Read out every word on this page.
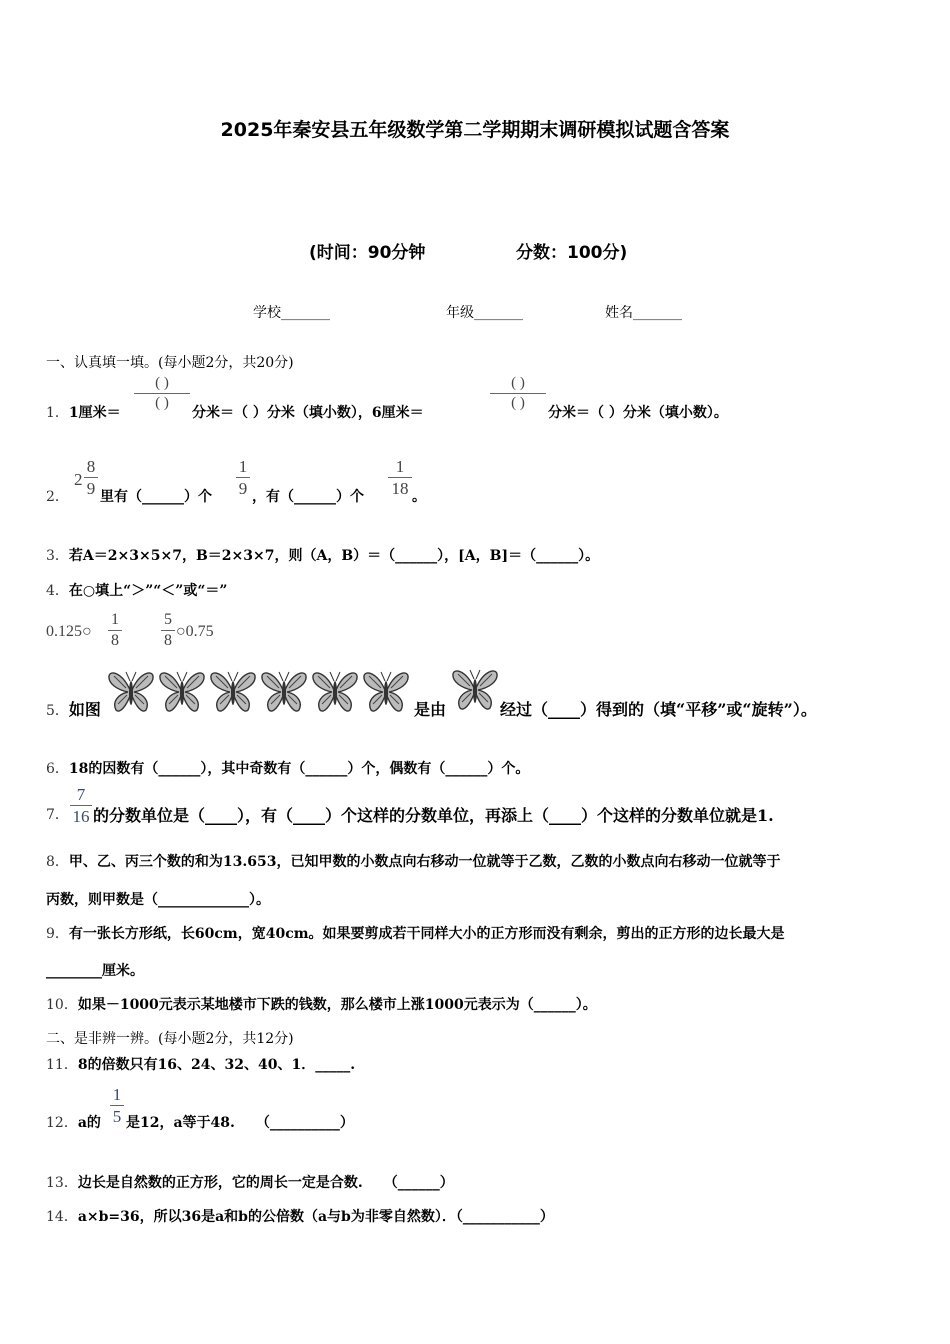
2025年秦安县五年级数学第二学期期末调研模拟试题含答案
(时间：90分钟	分数：100分)
学校_______	年级_______	姓名_______
一、认真填一填。(每小题2分，共20分)
1．1厘米＝
( )
( )
分米＝（ ）分米（填小数），6厘米＝
( )
( )
分米＝（ ）分米（填小数）。
2．
2
8
9 里有（______）个
1
9 ，有（______）个
1
18 。
3．若A＝2×3×5×7，B＝2×3×7，则（A，B）＝（______），[A，B]＝（______）。
4．在○填上“＞”“＜”或“＝”
0.125○
1
8
5
8
○0.75
5．如图	是由	经过（____）得到的（填“平移”或“旋转”）。
6．18的因数有（______），其中奇数有（______）个，偶数有（______）个。
7．
7
16 的分数单位是（____），有（____）个这样的分数单位，再添上（____）个这样的分数单位就是1.
8．甲、乙、丙三个数的和为13.653，已知甲数的小数点向右移动一位就等于乙数，乙数的小数点向右移动一位就等于
丙数，则甲数是（_____________）。
9．有一张长方形纸，长60cm，宽40cm。如果要剪成若干同样大小的正方形而没有剩余，剪出的正方形的边长最大是
________厘米。
10．如果－1000元表示某地楼市下跌的钱数，那么楼市上涨1000元表示为（______）。
二、是非辨一辨。(每小题2分，共12分)
11．8的倍数只有16、24、32、40、1．_____.
12．a的
1
5 是12，a等于48.　　（__________）
13．边长是自然数的正方形，它的周长一定是合数.　　（______）
14．a×b=36，所以36是a和b的公倍数（a与b为非零自然数）．（___________）
